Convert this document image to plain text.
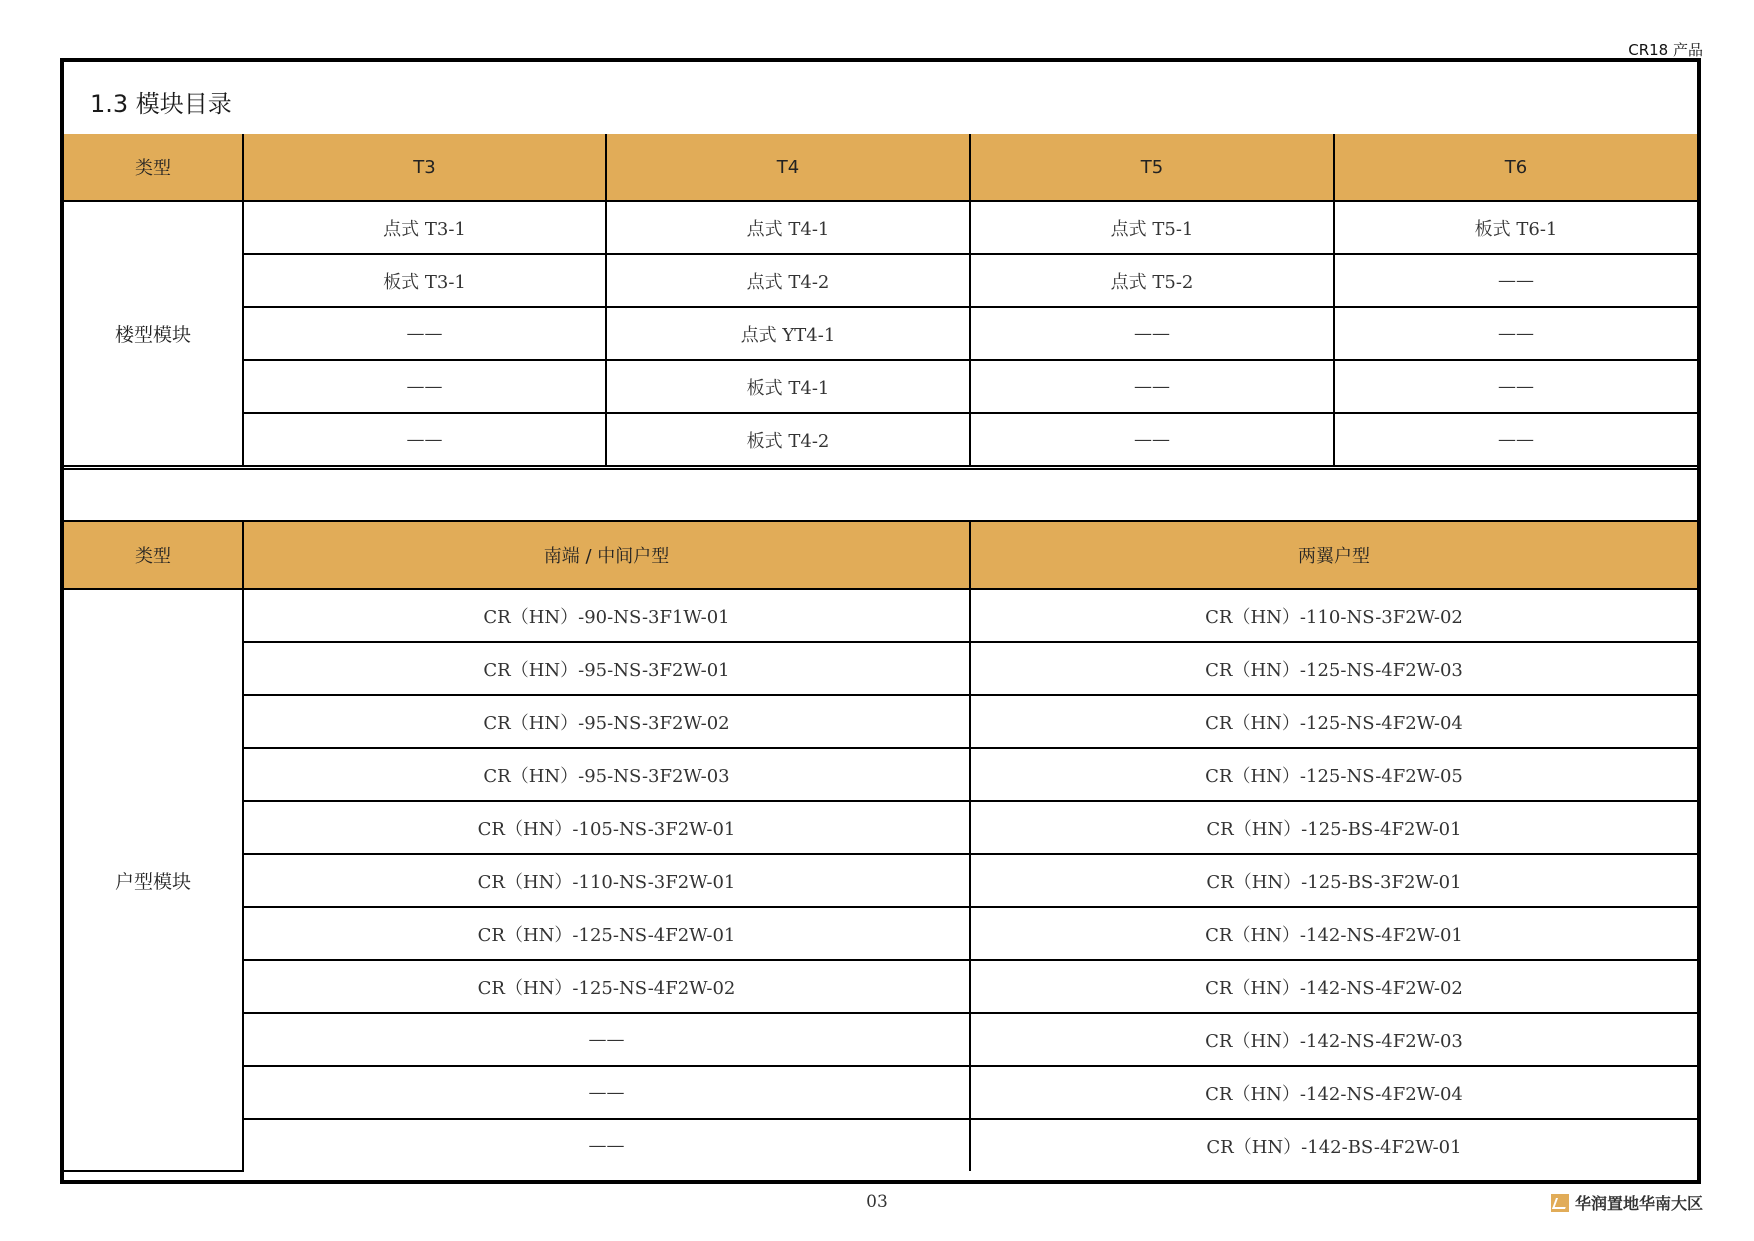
CR18 产品
1.3 模块目录
类型	T3	T4	T5	T6
楼型模块	点式 T3-1	点式 T4-1	点式 T5-1	板式 T6-1
	板式 T3-1	点式 T4-2	点式 T5-2	——
	——	点式 YT4-1	——	——
	——	板式 T4-1	——	——
	——	板式 T4-2	——	——
类型	南端 / 中间户型	两翼户型
户型模块	CR（HN）-90-NS-3F1W-01	CR（HN）-110-NS-3F2W-02
	CR（HN）-95-NS-3F2W-01	CR（HN）-125-NS-4F2W-03
	CR（HN）-95-NS-3F2W-02	CR（HN）-125-NS-4F2W-04
	CR（HN）-95-NS-3F2W-03	CR（HN）-125-NS-4F2W-05
	CR（HN）-105-NS-3F2W-01	CR（HN）-125-BS-4F2W-01
	CR（HN）-110-NS-3F2W-01	CR（HN）-125-BS-3F2W-01
	CR（HN）-125-NS-4F2W-01	CR（HN）-142-NS-4F2W-01
	CR（HN）-125-NS-4F2W-02	CR（HN）-142-NS-4F2W-02
	——	CR（HN）-142-NS-4F2W-03
	——	CR（HN）-142-NS-4F2W-04
	——	CR（HN）-142-BS-4F2W-01
03	华润置地华南大区
